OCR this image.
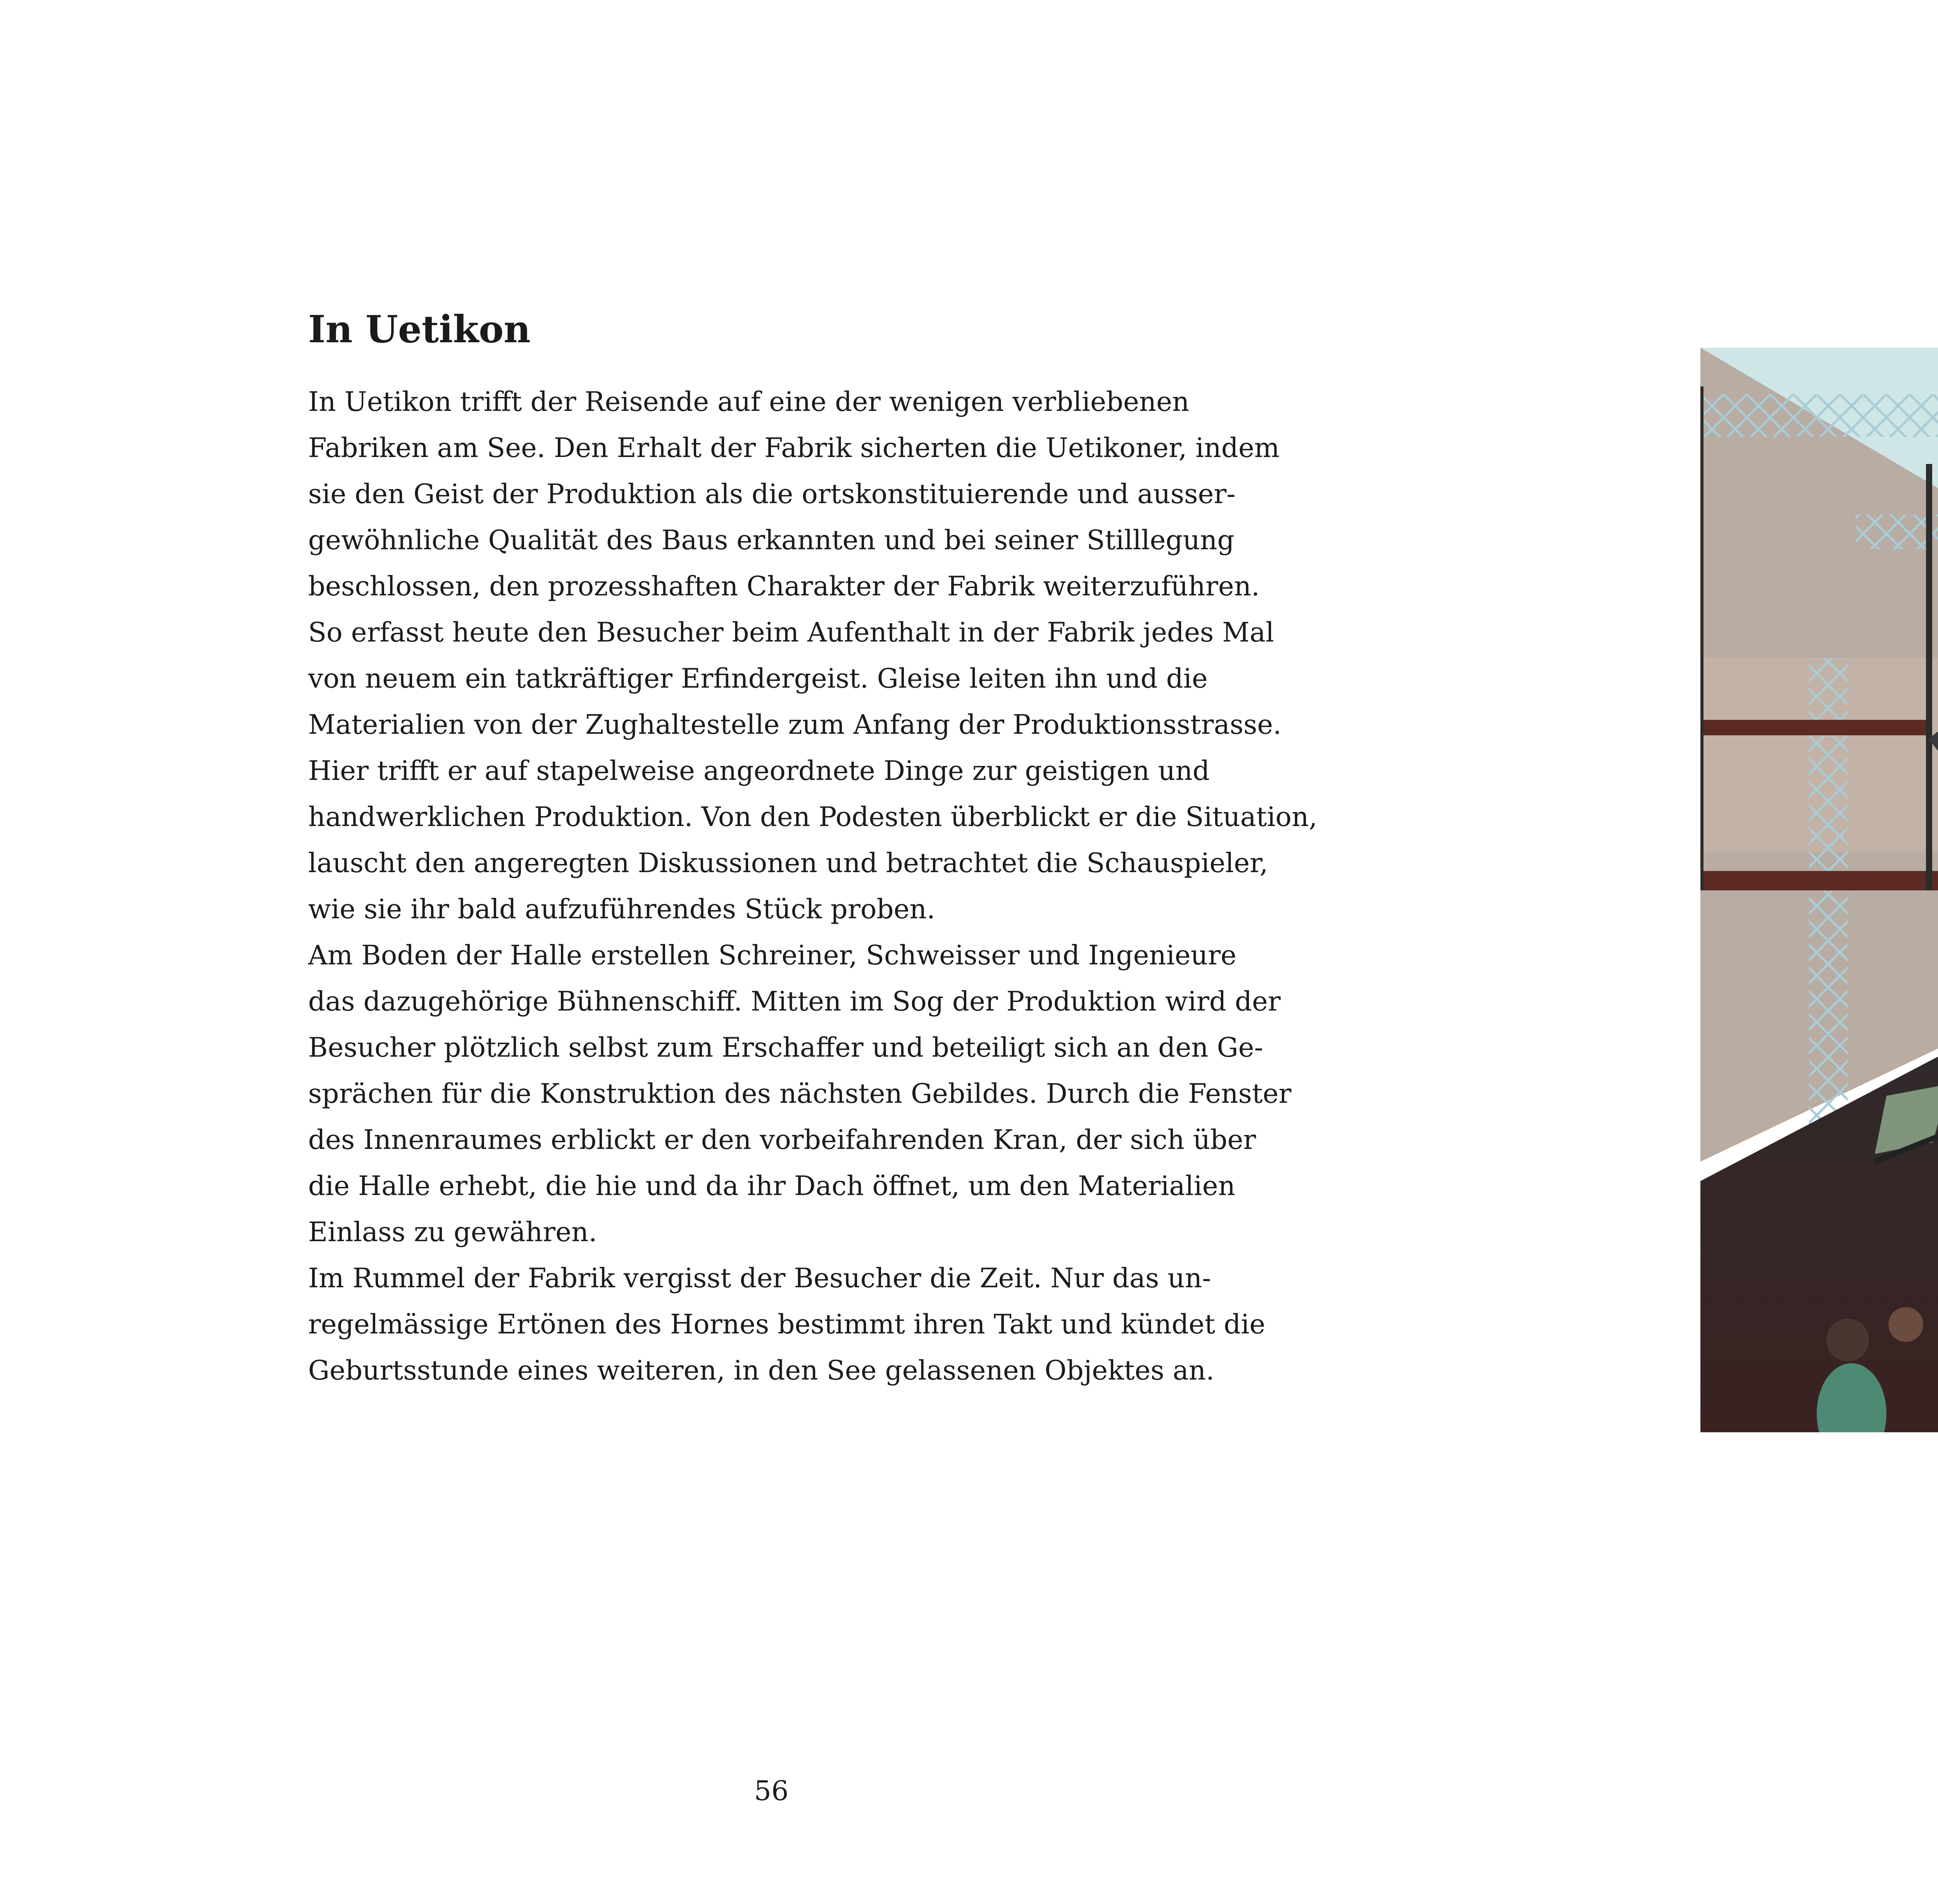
In Uetikon
In Uetikon trifft der Reisende auf eine der wenigen verbliebenen
Fabriken am See. Den Erhalt der Fabrik sicherten die Uetikoner, indem
sie den Geist der Produktion als die ortskonstituierende und ausser-
gewöhnliche Qualität des Baus erkannten und bei seiner Stilllegung
beschlossen, den prozesshaften Charakter der Fabrik weiterzuführen.
So erfasst heute den Besucher beim Aufenthalt in der Fabrik jedes Mal
von neuem ein tatkräftiger Erfindergeist. Gleise leiten ihn und die
Materialien von der Zughaltestelle zum Anfang der Produktionsstrasse.
Hier trifft er auf stapelweise angeordnete Dinge zur geistigen und
handwerklichen Produktion. Von den Podesten überblickt er die Situation,
lauscht den angeregten Diskussionen und betrachtet die Schauspieler,
wie sie ihr bald aufzuführendes Stück proben.
Am Boden der Halle erstellen Schreiner, Schweisser und Ingenieure
das dazugehörige Bühnenschiff. Mitten im Sog der Produktion wird der
Besucher plötzlich selbst zum Erschaffer und beteiligt sich an den Ge-
sprächen für die Konstruktion des nächsten Gebildes. Durch die Fenster
des Innenraumes erblickt er den vorbeifahrenden Kran, der sich über
die Halle erhebt, die hie und da ihr Dach öffnet, um den Materialien
Einlass zu gewähren.
Im Rummel der Fabrik vergisst der Besucher die Zeit. Nur das un-
regelmässige Ertönen des Hornes bestimmt ihren Takt und kündet die
Geburtsstunde eines weiteren, in den See gelassenen Objektes an.
56
